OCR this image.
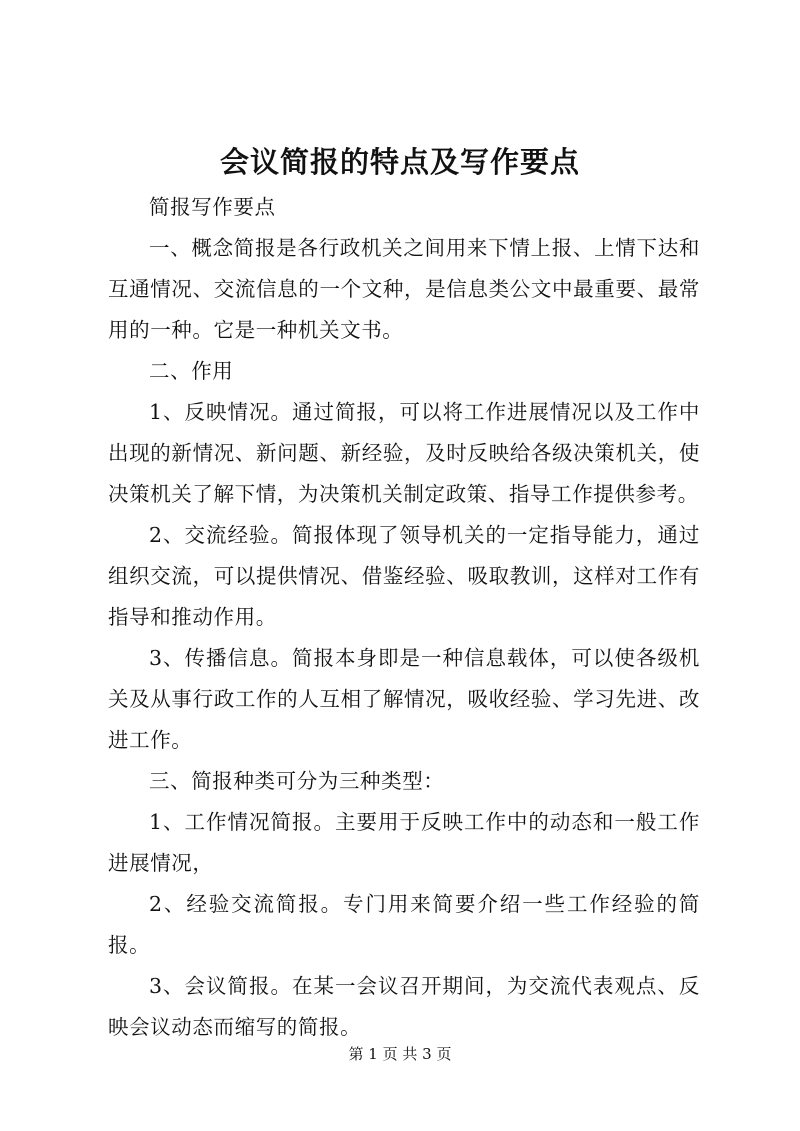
会议简报的特点及写作要点

简报写作要点

一、概念简报是各行政机关之间用来下情上报、上情下达和互通情况、交流信息的一个文种，是信息类公文中最重要、最常用的一种。它是一种机关文书。

二、作用

1、反映情况。通过简报，可以将工作进展情况以及工作中出现的新情况、新问题、新经验，及时反映给各级决策机关，使决策机关了解下情，为决策机关制定政策、指导工作提供参考。

2、交流经验。简报体现了领导机关的一定指导能力，通过组织交流，可以提供情况、借鉴经验、吸取教训，这样对工作有指导和推动作用。

3、传播信息。简报本身即是一种信息载体，可以使各级机关及从事行政工作的人互相了解情况，吸收经验、学习先进、改进工作。

三、简报种类可分为三种类型：

1、工作情况简报。主要用于反映工作中的动态和一般工作进展情况，

2、经验交流简报。专门用来简要介绍一些工作经验的简报。

3、会议简报。在某一会议召开期间，为交流代表观点、反映会议动态而缩写的简报。

第 1 页 共 3 页
